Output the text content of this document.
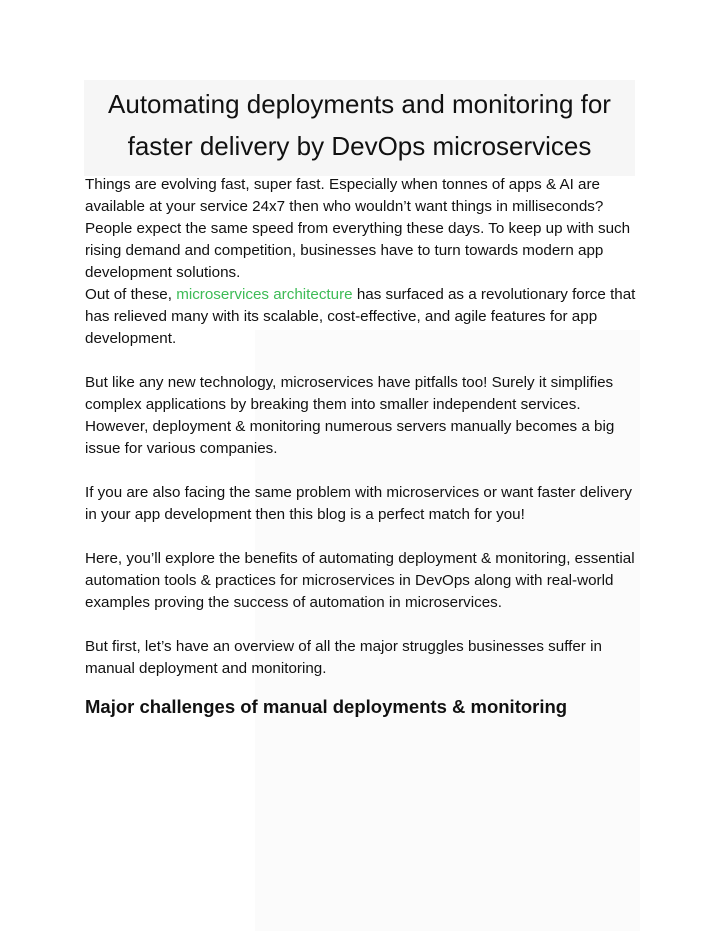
Automating deployments and monitoring for
faster delivery by DevOps microservices

Things are evolving fast, super fast. Especially when tonnes of apps & AI are available at your service 24x7 then who wouldn’t want things in milliseconds? People expect the same speed from everything these days. To keep up with such rising demand and competition, businesses have to turn towards modern app development solutions.

Out of these, microservices architecture has surfaced as a revolutionary force that has relieved many with its scalable, cost-effective, and agile features for app development.

But like any new technology, microservices have pitfalls too! Surely it simplifies complex applications by breaking them into smaller independent services. However, deployment & monitoring numerous servers manually becomes a big issue for various companies.

If you are also facing the same problem with microservices or want faster delivery in your app development then this blog is a perfect match for you!

Here, you’ll explore the benefits of automating deployment & monitoring, essential automation tools & practices for microservices in DevOps along with real-world examples proving the success of automation in microservices.

But first, let’s have an overview of all the major struggles businesses suffer in manual deployment and monitoring.

Major challenges of manual deployments & monitoring
